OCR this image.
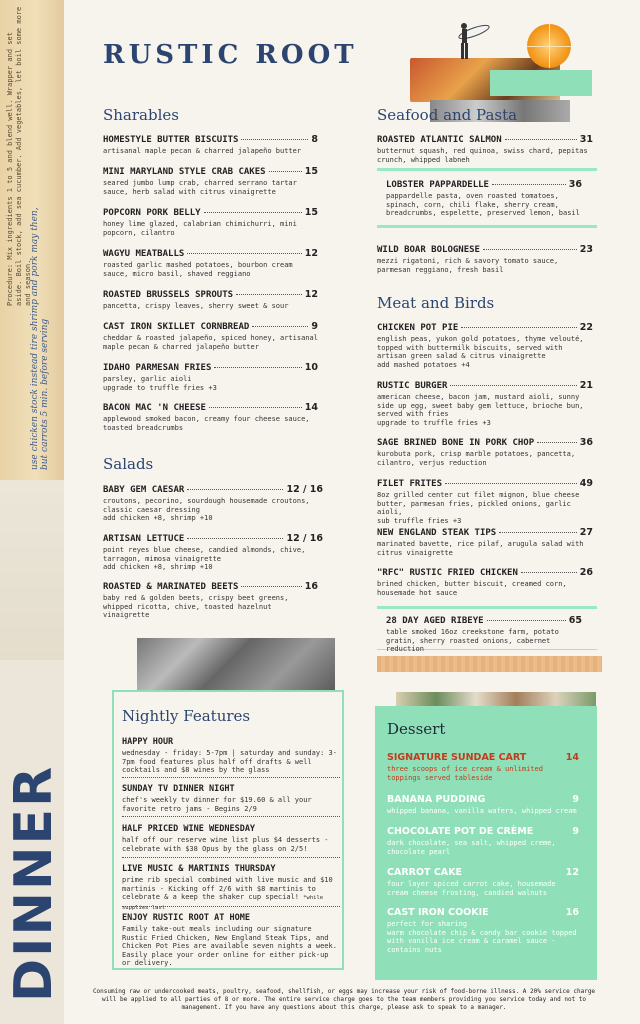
Procedure: Mix ingredients 1 to 5 and blend well. Wrapper and set aside. Boil stock, add sea cucumber. Add vegetables, let boil some more and season.
use chicken stock instead tire shrimp and pork may then, but carrots 5 min. before serving
DINNER
RUSTIC ROOT
Sharables
HOMESTYLE BUTTER BISCUITS	8
artisanal maple pecan & charred jalapeño butter
MINI MARYLAND STYLE CRAB CAKES	15
seared jumbo lump crab, charred serrano tartar sauce, herb salad with citrus vinaigrette
POPCORN PORK BELLY	15
honey lime glazed, calabrian chimichurri, mini popcorn, cilantro
WAGYU MEATBALLS	12
roasted garlic mashed potatoes, bourbon cream sauce, micro basil, shaved reggiano
ROASTED BRUSSELS SPROUTS	12
pancetta, crispy leaves, sherry sweet & sour
CAST IRON SKILLET CORNBREAD	9
cheddar & roasted jalapeño, spiced honey, artisanal maple pecan & charred jalapeño butter
IDAHO PARMESAN FRIES	10
parsley, garlic aioli
upgrade to truffle fries +3
BACON MAC 'N CHEESE	14
applewood smoked bacon, creamy four cheese sauce, toasted breadcrumbs
Salads
BABY GEM CAESAR	12 / 16
croutons, pecorino, sourdough housemade croutons, classic caesar dressing
add chicken +8, shrimp +10
ARTISAN LETTUCE	12 / 16
point reyes blue cheese, candied almonds, chive, tarragon, mimosa vinaigrette
add chicken +8, shrimp +10
ROASTED & MARINATED BEETS	16
baby red & golden beets, crispy beet greens, whipped ricotta, chive, toasted hazelnut vinaigrette
Seafood and Pasta
ROASTED ATLANTIC SALMON	31
butternut squash, red quinoa, swiss chard, pepitas crunch, whipped labneh
LOBSTER PAPPARDELLE	36
pappardelle pasta, oven roasted tomatoes, spinach, corn, chili flake, sherry cream, breadcrumbs, espelette, preserved lemon, basil
WILD BOAR BOLOGNESE	23
mezzi rigatoni, rich & savory tomato sauce, parmesan reggiano, fresh basil
Meat and Birds
CHICKEN POT PIE	22
english peas, yukon gold potatoes, thyme velouté, topped with buttermilk biscuits, served with artisan green salad & citrus vinaigrette
add mashed potatoes +4
RUSTIC BURGER	21
american cheese, bacon jam, mustard aioli, sunny side up egg, sweet baby gem lettuce, brioche bun, served with fries
upgrade to truffle fries +3
SAGE BRINED BONE IN PORK CHOP	36
kurobuta pork, crisp marble potatoes, pancetta, cilantro, verjus reduction
FILET FRITES	49
8oz grilled center cut filet mignon, blue cheese butter, parmesan fries, pickled onions, garlic aioli,
sub truffle fries +3
NEW ENGLAND STEAK TIPS	27
marinated bavette, rice pilaf, arugula salad with citrus vinaigrette
"RFC" RUSTIC FRIED CHICKEN	26
brined chicken, butter biscuit, creamed corn, housemade hot sauce
28 DAY AGED RIBEYE	65
table smoked 16oz creekstone farm, potato gratin, sherry roasted onions, cabernet reduction
Nightly Features
HAPPY HOUR

wednesday - friday: 5-7pm | saturday and sunday: 3-7pm food features plus half off drafts & well cocktails and $8 wines by the glass

SUNDAY TV DINNER NIGHT

chef's weekly tv dinner for $19.60 & all your favorite retro jams - Begins 2/9

HALF PRICED WINE WEDNESDAY

half off our reserve wine list plus $4 desserts - celebrate with $38 Opus by the glass on 2/5!

LIVE MUSIC & MARTINIS THURSDAY

prime rib special combined with live music and $10 martinis - Kicking off 2/6 with $8 martinis to celebrate & a keep the shaker cup special! *while supplies last

ENJOY RUSTIC ROOT AT HOME

Family take-out meals including our signature Rustic Fried Chicken, New England Steak Tips, and Chicken Pot Pies are available seven nights a week. Easily place your order online for either pick-up or delivery.

Dessert
SIGNATURE SUNDAE CART	14
three scoops of ice cream & unlimited toppings served tableside
BANANA PUDDING	9
whipped banana, vanilla wafers, whipped cream
CHOCOLATE POT DE CRÈME	9
dark chocolate, sea salt, whipped creme, chocolate pearl
CARROT CAKE	12
four layer spiced carrot cake, housemade cream cheese frosting, candied walnuts
CAST IRON COOKIE	16
perfect for sharing
warm chocolate chip & candy bar cookie topped with vanilla ice cream & caramel sauce - contains nuts
Consuming raw or undercooked meats, poultry, seafood, shellfish, or eggs may increase your risk of food-borne illness. A 20% service charge will be applied to all parties of 8 or more. The entire service charge goes to the team members providing you service today and not to management. If you have any questions about this charge, please ask to speak to a manager.
